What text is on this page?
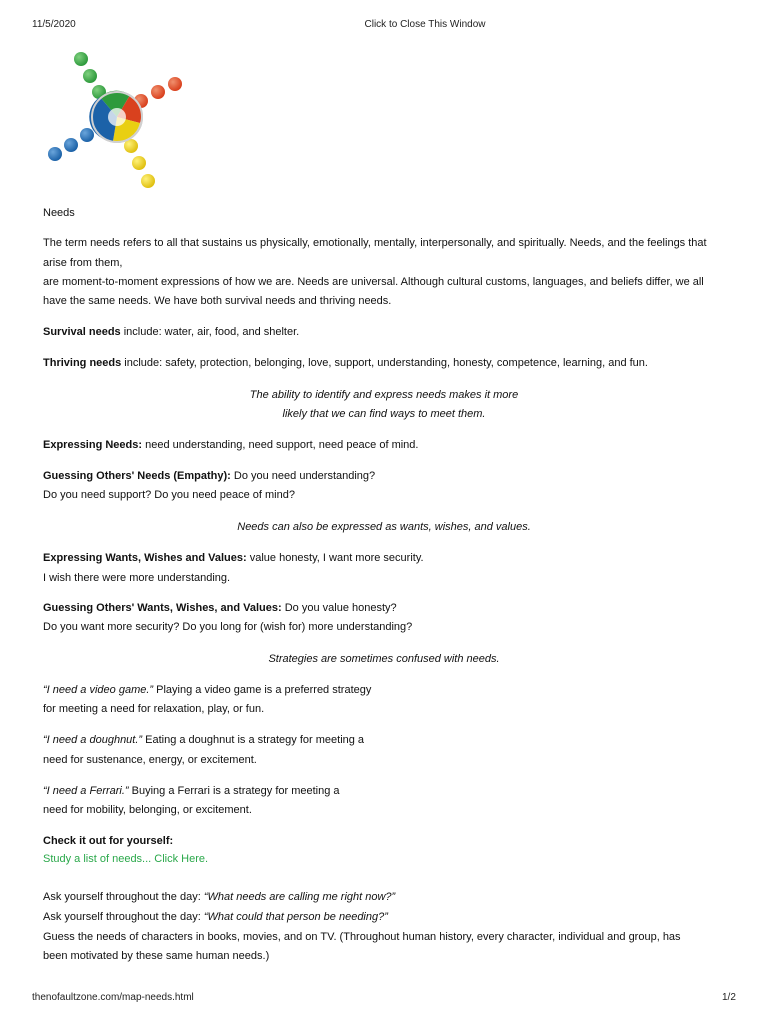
11/5/2020	Click to Close This Window
Needs
The term needs refers to all that sustains us physically, emotionally, mentally, interpersonally, and spiritually. Needs, and the feelings that
arise from them,
are moment-to-moment expressions of how we are. Needs are universal. Although cultural customs, languages, and beliefs differ, we all
have the same needs. We have both survival needs and thriving needs.
Survival needs include: water, air, food, and shelter.
Thriving needs include: safety, protection, belonging, love, support, understanding, honesty, competence, learning, and fun.
The ability to identify and express needs makes it more
likely that we can find ways to meet them.
Expressing Needs: need understanding, need support, need peace of mind.
Guessing Others' Needs (Empathy): Do you need understanding?
Do you need support? Do you need peace of mind?
Needs can also be expressed as wants, wishes, and values.
Expressing Wants, Wishes and Values: value honesty, I want more security.
I wish there were more understanding.
Guessing Others' Wants, Wishes, and Values: Do you value honesty?
Do you want more security? Do you long for (wish for) more understanding?
Strategies are sometimes confused with needs.
“I need a video game.” Playing a video game is a preferred strategy
for meeting a need for relaxation, play, or fun.
“I need a doughnut.” Eating a doughnut is a strategy for meeting a
need for sustenance, energy, or excitement.
“I need a Ferrari.” Buying a Ferrari is a strategy for meeting a
need for mobility, belonging, or excitement.
Check it out for yourself:
Study a list of needs... Click Here.
Ask yourself throughout the day: “What needs are calling me right now?”
Ask yourself throughout the day: “What could that person be needing?”
Guess the needs of characters in books, movies, and on TV. (Throughout human history, every character, individual and group, has
been motivated by these same human needs.)
thenofaultzone.com/map-needs.html	1/2
